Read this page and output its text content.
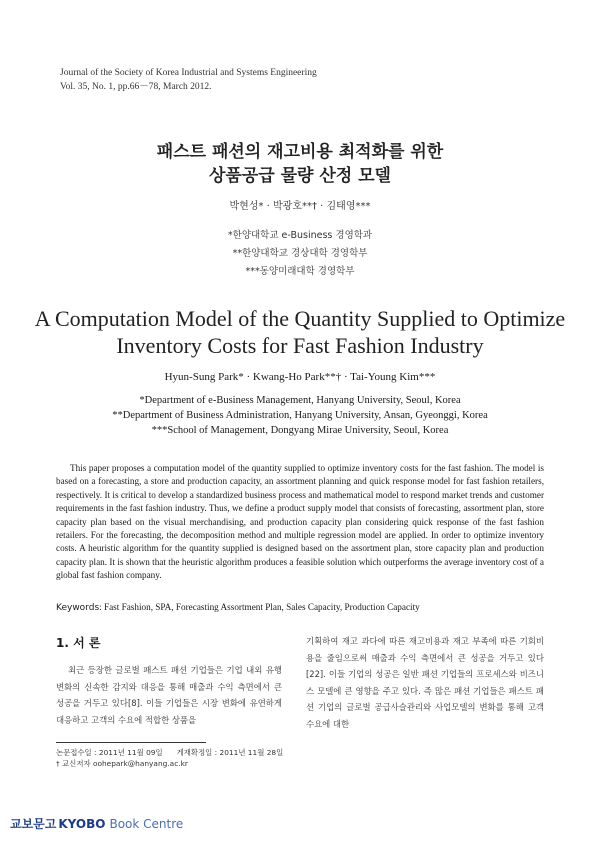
Journal of the Society of Korea Industrial and Systems Engineering
Vol. 35, No. 1, pp.66－78, March 2012.
패스트 패션의 재고비용 최적화를 위한
상품공급 물량 산정 모델
박현성* · 박광호**† · 김태영***
*한양대학교 e-Business 경영학과
**한양대학교 경상대학 경영학부
***동양미래대학 경영학부
A Computation Model of the Quantity Supplied to Optimize
Inventory Costs for Fast Fashion Industry
Hyun-Sung Park* · Kwang-Ho Park**† · Tai-Young Kim***
*Department of e-Business Management, Hanyang University, Seoul, Korea
**Department of Business Administration, Hanyang University, Ansan, Gyeonggi, Korea
***School of Management, Dongyang Mirae University, Seoul, Korea

This paper proposes a computation model of the quantity supplied to optimize inventory costs for the fast fashion. The model is based on a forecasting, a store and production capacity, an assortment planning and quick response model for fast fashion retailers, respectively. It is critical to develop a standardized business process and mathematical model to respond market trends and customer requirements in the fast fashion industry. Thus, we define a product supply model that consists of forecasting, assortment plan, store capacity plan based on the visual merchandising, and production capacity plan considering quick response of the fast fashion retailers. For the forecasting, the decomposition method and multiple regression model are applied. In order to optimize inventory costs. A heuristic algorithm for the quantity supplied is designed based on the assortment plan, store capacity plan and production capacity plan. It is shown that the heuristic algorithm produces a feasible solution which outperforms the average inventory cost of a global fast fashion company.

Keywords: Fast Fashion, SPA, Forecasting Assortment Plan, Sales Capacity, Production Capacity
1. 서 론

최근 등장한 글로벌 패스트 패션 기업들은 기업 내외 유행 변화의 신속한 감지와 대응을 통해 매출과 수익 측면에서 큰 성공을 거두고 있다[8]. 이들 기업들은 시장 변화에 유연하게 대응하고 고객의 수요에 적합한 상품을

기획하여 재고 과다에 따른 재고비용과 재고 부족에 따른 기회비용을 줄임으로써 매출과 수익 측면에서 큰 성공을 거두고 있다[22]. 이들 기업의 성공은 일반 패션 기업들의 프로세스와 비즈니스 모델에 큰 영향을 주고 있다. 즉 많은 패션 기업들은 패스트 패션 기업의 글로벌 공급사슬관리와 사업모델의 변화를 통해 고객 수요에 대한

논문접수일 : 2011년 11월 09일 게재확정일 : 2011년 11월 28일
† 교신저자 oohepark@hanyang.ac.kr
교보문고 KYOBO Book Centre
